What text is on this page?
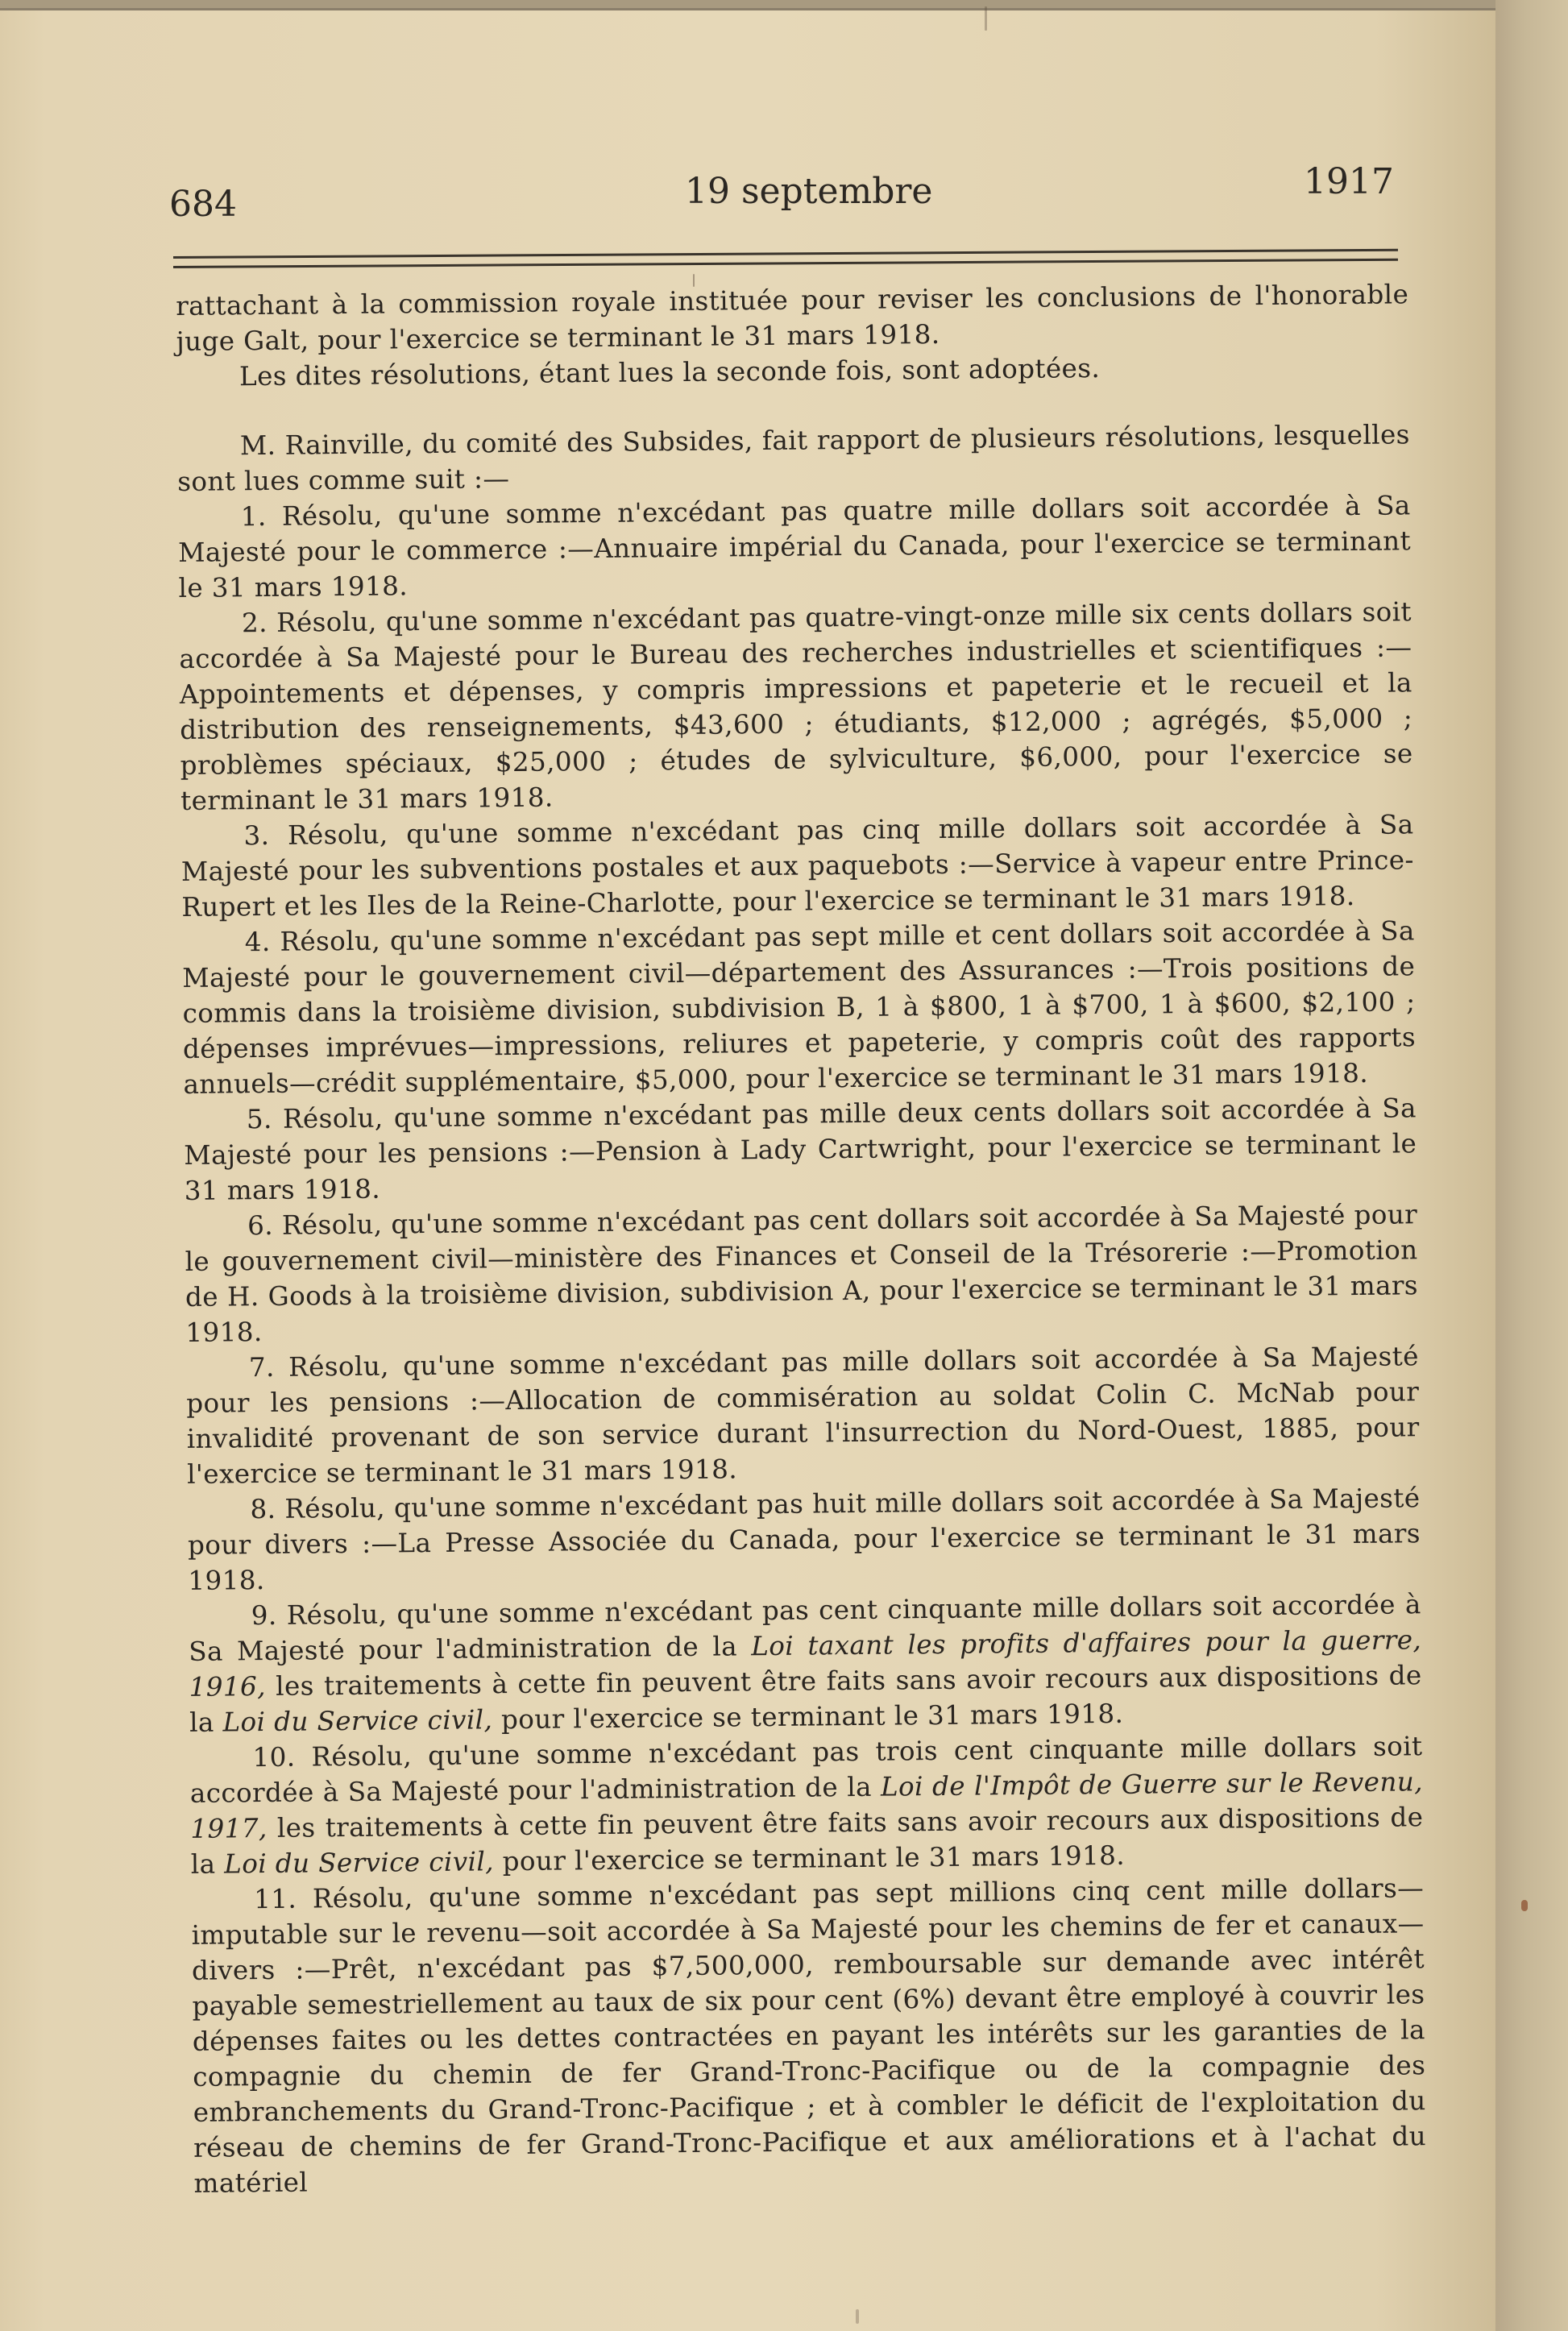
684	19 septembre	1917

rattachant à la commission royale instituée pour reviser les conclusions de l'honorable juge Galt, pour l'exercice se terminant le 31 mars 1918.

Les dites résolutions, étant lues la seconde fois, sont adoptées.

M. Rainville, du comité des Subsides, fait rapport de plusieurs résolutions, lesquelles sont lues comme suit :—

1. Résolu, qu'une somme n'excédant pas quatre mille dollars soit accordée à Sa Majesté pour le commerce :—Annuaire impérial du Canada, pour l'exercice se terminant le 31 mars 1918.

2. Résolu, qu'une somme n'excédant pas quatre-vingt-onze mille six cents dollars soit accordée à Sa Majesté pour le Bureau des recherches industrielles et scientifiques :—Appointements et dépenses, y compris impressions et papeterie et le recueil et la distribution des renseignements, $43,600 ; étudiants, $12,000 ; agrégés, $5,000 ; problèmes spéciaux, $25,000 ; études de sylviculture, $6,000, pour l'exercice se terminant le 31 mars 1918.

3. Résolu, qu'une somme n'excédant pas cinq mille dollars soit accordée à Sa Majesté pour les subventions postales et aux paquebots :—Service à vapeur entre Prince-Rupert et les Iles de la Reine-Charlotte, pour l'exercice se terminant le 31 mars 1918.

4. Résolu, qu'une somme n'excédant pas sept mille et cent dollars soit accordée à Sa Majesté pour le gouvernement civil—département des Assurances :—Trois positions de commis dans la troisième division, subdivision B, 1 à $800, 1 à $700, 1 à $600, $2,100 ; dépenses imprévues—impressions, reliures et papeterie, y compris coût des rapports annuels—crédit supplémentaire, $5,000, pour l'exercice se terminant le 31 mars 1918.

5. Résolu, qu'une somme n'excédant pas mille deux cents dollars soit accordée à Sa Majesté pour les pensions :—Pension à Lady Cartwright, pour l'exercice se terminant le 31 mars 1918.

6. Résolu, qu'une somme n'excédant pas cent dollars soit accordée à Sa Majesté pour le gouvernement civil—ministère des Finances et Conseil de la Trésorerie :—Promotion de H. Goods à la troisième division, subdivision A, pour l'exercice se terminant le 31 mars 1918.

7. Résolu, qu'une somme n'excédant pas mille dollars soit accordée à Sa Majesté pour les pensions :—Allocation de commisération au soldat Colin C. McNab pour invalidité provenant de son service durant l'insurrection du Nord-Ouest, 1885, pour l'exercice se terminant le 31 mars 1918.

8. Résolu, qu'une somme n'excédant pas huit mille dollars soit accordée à Sa Majesté pour divers :—La Presse Associée du Canada, pour l'exercice se terminant le 31 mars 1918.

9. Résolu, qu'une somme n'excédant pas cent cinquante mille dollars soit accordée à Sa Majesté pour l'administration de la Loi taxant les profits d'affaires pour la guerre, 1916, les traitements à cette fin peuvent être faits sans avoir recours aux dispositions de la Loi du Service civil, pour l'exercice se terminant le 31 mars 1918.

10. Résolu, qu'une somme n'excédant pas trois cent cinquante mille dollars soit accordée à Sa Majesté pour l'administration de la Loi de l'Impôt de Guerre sur le Revenu, 1917, les traitements à cette fin peuvent être faits sans avoir recours aux dispositions de la Loi du Service civil, pour l'exercice se terminant le 31 mars 1918.

11. Résolu, qu'une somme n'excédant pas sept millions cinq cent mille dollars—imputable sur le revenu—soit accordée à Sa Majesté pour les chemins de fer et canaux—divers :—Prêt, n'excédant pas $7,500,000, remboursable sur demande avec intérêt payable semestriellement au taux de six pour cent (6%) devant être employé à couvrir les dépenses faites ou les dettes contractées en payant les intérêts sur les garanties de la compagnie du chemin de fer Grand-Tronc-Pacifique ou de la compagnie des embranchements du Grand-Tronc-Pacifique ; et à combler le déficit de l'exploitation du réseau de chemins de fer Grand-Tronc-Pacifique et aux améliorations et à l'achat du matériel
